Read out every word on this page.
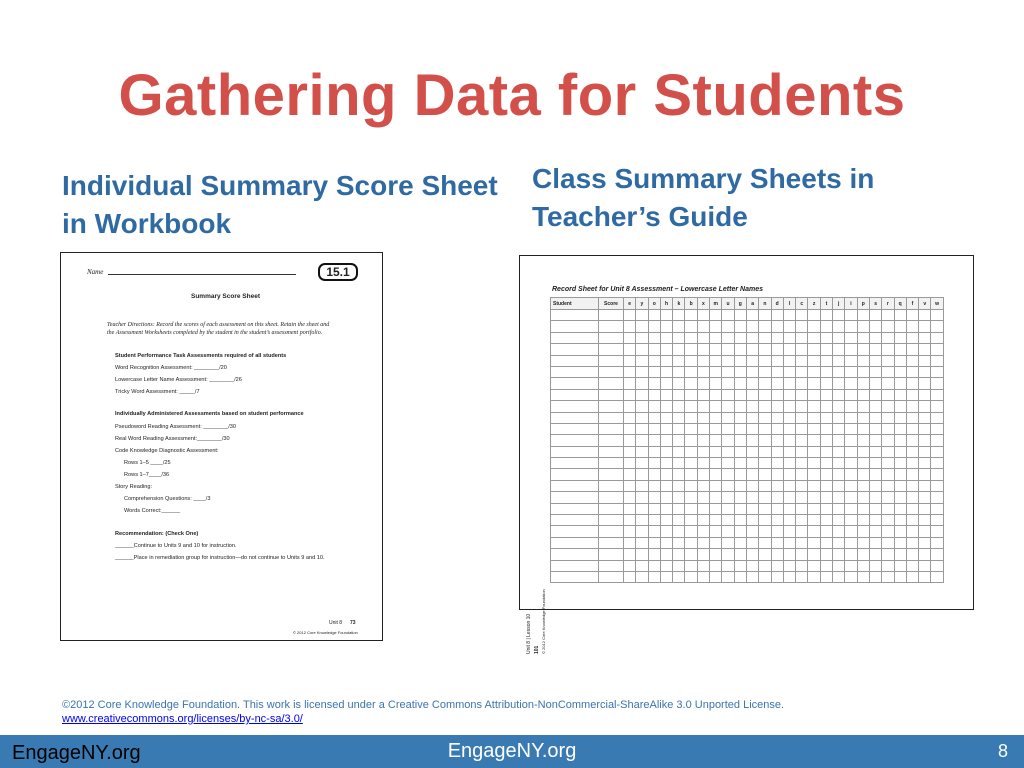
Gathering Data for Students
Individual Summary Score Sheet in Workbook
Class Summary Sheets in Teacher’s Guide
Name	15.1
Summary Score Sheet
Teacher Directions: Record the scores of each assessment on this sheet. Retain the sheet and
the Assessment Worksheets completed by the student in the student’s assessment portfolio.
Student Performance Task Assessments required of all students
Word Recognition Assessment: ________/20
Lowercase Letter Name Assessment: ________/26
Tricky Word Assessment: _____/7
Individually Administered Assessments based on student performance
Pseudoword Reading Assessment: ________/30
Real Word Reading Assessment:________/30
Code Knowledge Diagnostic Assessment:
Rows 1–5 ____/25
Rows 1–7____/36
Story Reading:
Comprehension Questions: ____/3
Words Correct:______
Recommendation: (Check One)
______Continue to Units 9 and 10 for instruction.
______Place in remediation group for instruction—do not continue to Units 9 and 10.
Unit 8 73
© 2012 Core Knowledge Foundation
Record Sheet for Unit 8 Assessment – Lowercase Letter Names
Student	Score	e	y	o	h	k	b	x	m	u	g	a	n	d	l	c	z	t	j	i	p	s	r	q	f	v	w

Unit 8 | Lesson 10 101 © 2012 Core Knowledge Foundation
©2012 Core Knowledge Foundation. This work is licensed under a Creative Commons Attribution-NonCommercial-ShareAlike 3.0 Unported License.
www.creativecommons.org/licenses/by-nc-sa/3.0/
EngageNY.org	EngageNY.org	8
